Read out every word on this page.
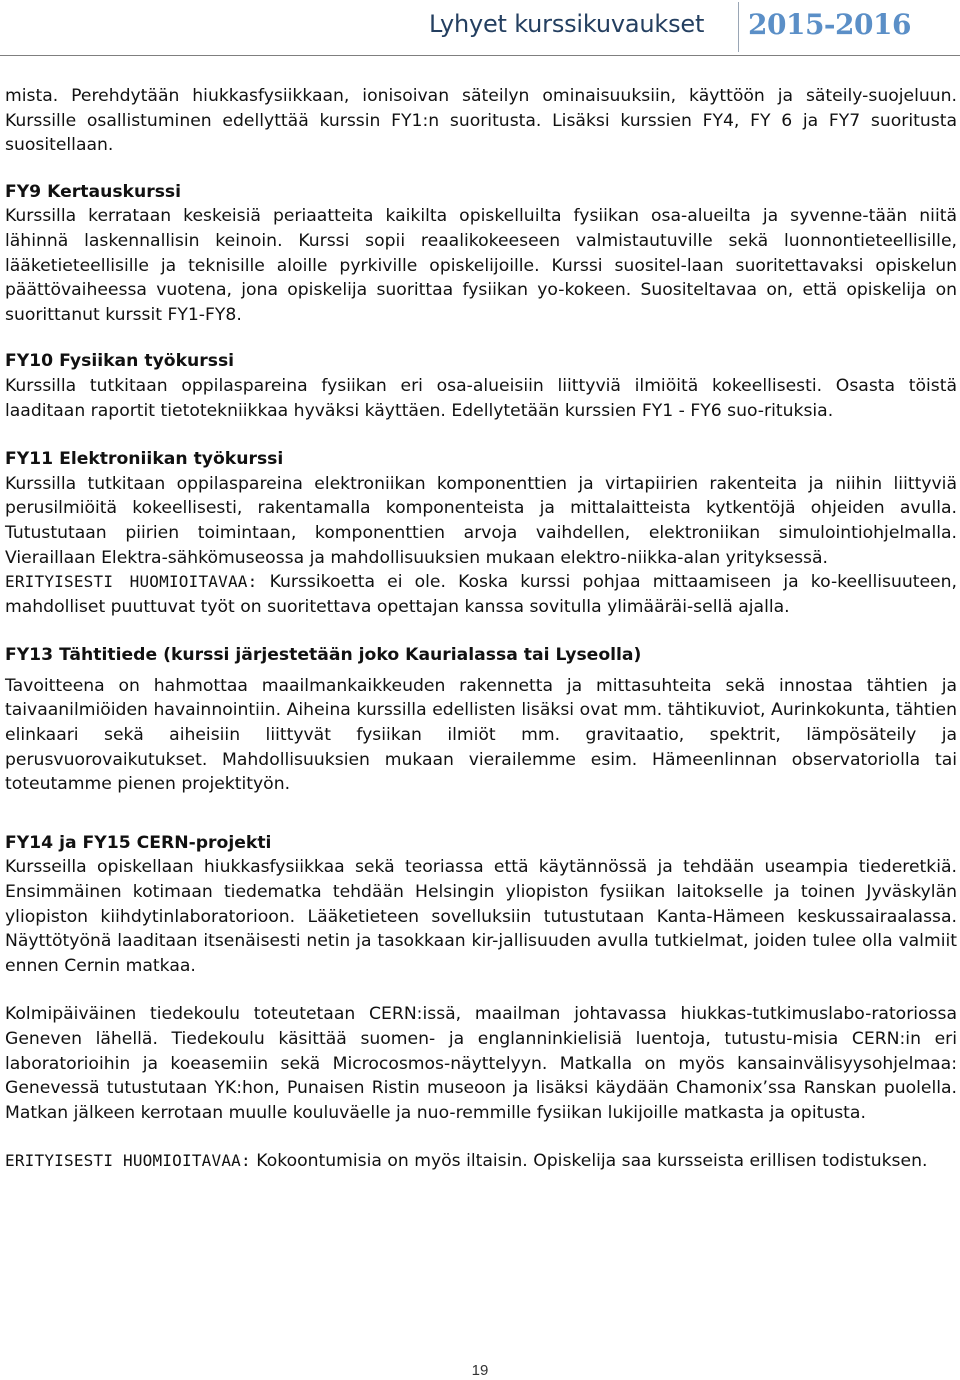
Lyhyet kurssikuvaukset 2015-2016

mista. Perehdytään hiukkasfysiikkaan, ionisoivan säteilyn ominaisuuksiin, käyttöön ja säteily-suojeluun. Kurssille osallistuminen edellyttää kurssin FY1:n suoritusta. Lisäksi kurssien FY4, FY 6 ja FY7 suoritusta suositellaan.

FY9 Kertauskurssi

Kurssilla kerrataan keskeisiä periaatteita kaikilta opiskelluilta fysiikan osa-alueilta ja syvenne-tään niitä lähinnä laskennallisin keinoin. Kurssi sopii reaalikokeeseen valmistautuville sekä luonnontieteellisille, lääketieteellisille ja teknisille aloille pyrkiville opiskelijoille. Kurssi suositel-laan suoritettavaksi opiskelun päättövaiheessa vuotena, jona opiskelija suorittaa fysiikan yo-kokeen. Suositeltavaa on, että opiskelija on suorittanut kurssit FY1-FY8.

FY10 Fysiikan työkurssi

Kurssilla tutkitaan oppilaspareina fysiikan eri osa-alueisiin liittyviä ilmiöitä kokeellisesti. Osasta töistä laaditaan raportit tietotekniikkaa hyväksi käyttäen. Edellytetään kurssien FY1 - FY6 suo-rituksia.

FY11 Elektroniikan työkurssi

Kurssilla tutkitaan oppilaspareina elektroniikan komponenttien ja virtapiirien rakenteita ja niihin liittyviä perusilmiöitä kokeellisesti, rakentamalla komponenteista ja mittalaitteista kytkentöjä ohjeiden avulla. Tutustutaan piirien toimintaan, komponenttien arvoja vaihdellen, elektroniikan simulointiohjelmalla. Vieraillaan Elektra-sähkömuseossa ja mahdollisuuksien mukaan elektro-niikka-alan yrityksessä.

ERITYISESTI HUOMIOITAVAA: Kurssikoetta ei ole. Koska kurssi pohjaa mittaamiseen ja ko-keellisuuteen, mahdolliset puuttuvat työt on suoritettava opettajan kanssa sovitulla ylimääräi-sellä ajalla.

FY13 Tähtitiede (kurssi järjestetään joko Kaurialassa tai Lyseolla)

Tavoitteena on hahmottaa maailmankaikkeuden rakennetta ja mittasuhteita sekä innostaa tähtien ja taivaanilmiöiden havainnointiin. Aiheina kurssilla edellisten lisäksi ovat mm. tähtikuviot, Aurinkokunta, tähtien elinkaari sekä aiheisiin liittyvät fysiikan ilmiöt mm. gravitaatio, spektrit, lämpösäteily ja perusvuorovaikutukset. Mahdollisuuksien mukaan vierailemme esim. Hämeenlinnan observatoriolla tai toteutamme pienen projektityön.

FY14 ja FY15 CERN-projekti

Kursseilla opiskellaan hiukkasfysiikkaa sekä teoriassa että käytännössä ja tehdään useampia tiederetkiä. Ensimmäinen kotimaan tiedematka tehdään Helsingin yliopiston fysiikan laitokselle ja toinen Jyväskylän yliopiston kiihdytinlaboratorioon. Lääketieteen sovelluksiin tutustutaan Kanta-Hämeen keskussairaalassa. Näyttötyönä laaditaan itsenäisesti netin ja tasokkaan kir-jallisuuden avulla tutkielmat, joiden tulee olla valmiit ennen Cernin matkaa.

Kolmipäiväinen tiedekoulu toteutetaan CERN:issä, maailman johtavassa hiukkas-tutkimuslabo-ratoriossa Geneven lähellä. Tiedekoulu käsittää suomen- ja englanninkielisiä luentoja, tutustu-misia CERN:in eri laboratorioihin ja koeasemiin sekä Microcosmos-näyttelyyn. Matkalla on myös kansainvälisyysohjelmaa: Genevessä tutustutaan YK:hon, Punaisen Ristin museoon ja lisäksi käydään Chamonix’ssa Ranskan puolella. Matkan jälkeen kerrotaan muulle kouluväelle ja nuo-remmille fysiikan lukijoille matkasta ja opitusta.

ERITYISESTI HUOMIOITAVAA: Kokoontumisia on myös iltaisin. Opiskelija saa kursseista erillisen todistuksen.

19
